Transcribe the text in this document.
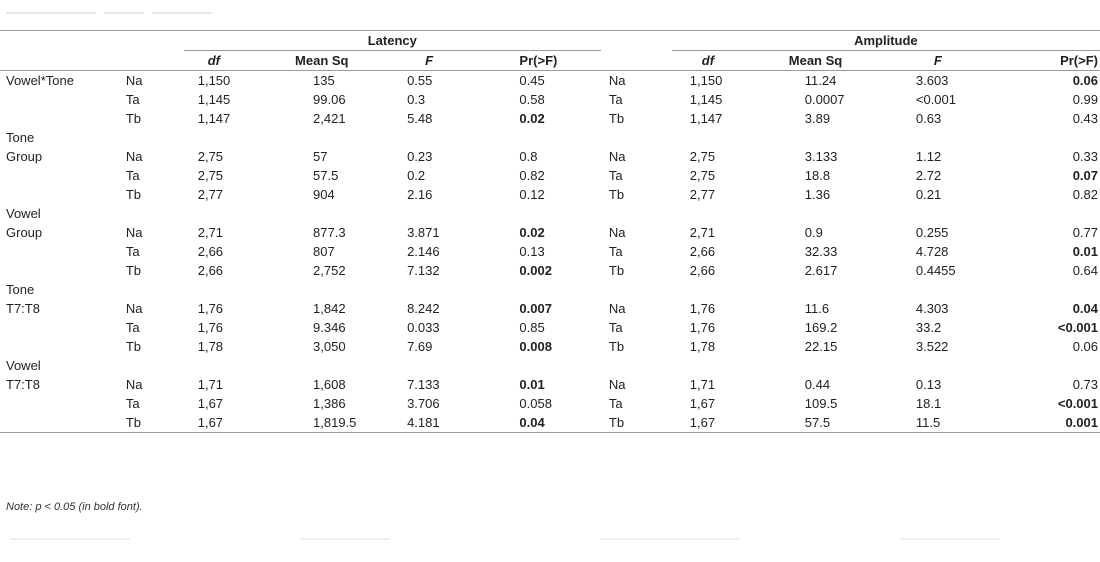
		Latency					Amplitude			
		df	Mean Sq	F	Pr(>F)		df	Mean Sq	F	Pr(>F)
Vowel*Tone	Na	1,150	135	0.55	0.45	Na	1,150	11.24	3.603	0.06
	Ta	1,145	99.06	0.3	0.58	Ta	1,145	0.0007	<0.001	0.99
	Tb	1,147	2,421	5.48	0.02	Tb	1,147	3.89	0.63	0.43
Tone										
Group	Na	2,75	57	0.23	0.8	Na	2,75	3.133	1.12	0.33
	Ta	2,75	57.5	0.2	0.82	Ta	2,75	18.8	2.72	0.07
	Tb	2,77	904	2.16	0.12	Tb	2,77	1.36	0.21	0.82
Vowel										
Group	Na	2,71	877.3	3.871	0.02	Na	2,71	0.9	0.255	0.77
	Ta	2,66	807	2.146	0.13	Ta	2,66	32.33	4.728	0.01
	Tb	2,66	2,752	7.132	0.002	Tb	2,66	2.617	0.4455	0.64
Tone										
T7:T8	Na	1,76	1,842	8.242	0.007	Na	1,76	11.6	4.303	0.04
	Ta	1,76	9.346	0.033	0.85	Ta	1,76	169.2	33.2	<0.001
	Tb	1,78	3,050	7.69	0.008	Tb	1,78	22.15	3.522	0.06
Vowel										
T7:T8	Na	1,71	1,608	7.133	0.01	Na	1,71	0.44	0.13	0.73
	Ta	1,67	1,386	3.706	0.058	Ta	1,67	109.5	18.1	<0.001
	Tb	1,67	1,819.5	4.181	0.04	Tb	1,67	57.5	11.5	0.001
Note: p < 0.05 (in bold font).
